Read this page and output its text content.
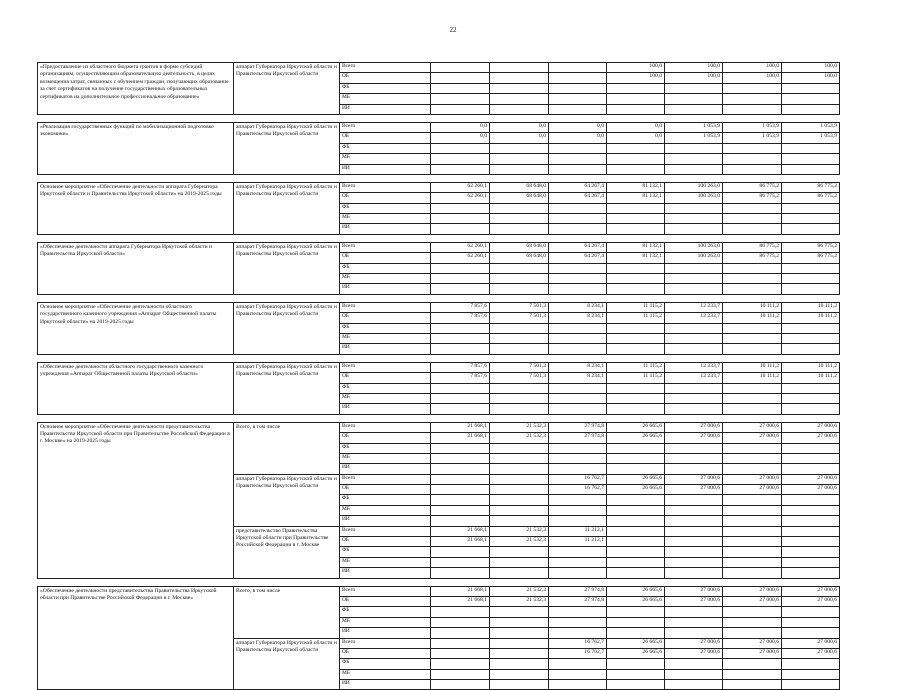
22
«Предоставление из областного бюджета грантов в форме субсидий организациям, осуществляющим образовательную деятельность, в целях возмещения затрат, связанных с обучением граждан, получающих образование за счет сертификатов на получение государственных образовательных сертификатов на дополнительное профессиональное образование»	аппарат Губернатора Иркутской области и Правительства Иркутской области	Всего				100,0	100,0	100,0	100,0
		ОБ				100,0	100,0	100,0	100,0
		ФБ							
		МБ							
		ИИ							

«Реализация государственных функций по мобилизационной подготовке экономики»	аппарат Губернатора Иркутской области и Правительства Иркутской области	Всего	0,0	0,0	0,0	0,0	1 053,9	1 053,9	1 053,9
		ОБ	0,0	0,0	0,0	0,0	1 053,9	1 053,9	1 053,9
		ФБ							
		МБ							
		ИИ							

Основное мероприятие «Обеспечение деятельности аппарата Губернатора Иркутской области и Правительства Иркутской области» на 2019-2025 годы	аппарат Губернатора Иркутской области и Правительства Иркутской области	Всего	62 260,1	68 648,0	64 267,4	81 132,1	100 263,0	86 775,2	86 775,2
		ОБ	62 260,1	68 648,0	64 267,4	81 132,1	100 263,0	86 775,2	86 775,2
		ФБ							
		МБ							
		ИИ							

«Обеспечение деятельности аппарата Губернатора Иркутской области и Правительства Иркутской области»	аппарат Губернатора Иркутской области и Правительства Иркутской области	Всего	62 260,1	68 648,0	64 267,4	81 132,1	100 263,0	86 775,2	86 775,2
		ОБ	62 260,1	68 648,0	64 267,4	81 132,1	100 263,0	86 775,2	86 775,2
		ФБ							
		МБ							
		ИИ							

Основное мероприятие «Обеспечение деятельности областного государственного казенного учреждения «Аппарат Общественной палаты Иркутской области» на 2019-2025 годы	аппарат Губернатора Иркутской области и Правительства Иркутской области	Всего	7 857,6	7 501,3	8 234,1	11 115,2	12 233,7	10 111,2	10 111,2
		ОБ	7 857,6	7 501,3	8 234,1	11 115,2	12 233,7	10 111,2	10 111,2
		ФБ							
		МБ							
		ИИ							

«Обеспечение деятельности областного государственного казенного учреждения «Аппарат Общественной палаты Иркутской области»	аппарат Губернатора Иркутской области и Правительства Иркутской области	Всего	7 857,6	7 501,3	8 234,1	11 115,2	12 233,7	10 111,2	10 111,2
		ОБ	7 857,6	7 501,3	8 234,1	11 115,2	12 233,7	10 111,2	10 111,2
		ФБ							
		МБ							
		ИИ							

Основное мероприятие «Обеспечение деятельности представительства Правительства Иркутской области при Правительстве Российской Федерации в г. Москве» на 2019-2025 годы	Всего, в том числе	Всего	21 668,1	21 532,3	27 974,8	26 665,6	27 000,6	27 000,6	27 000,6
		ОБ	21 668,1	21 532,3	27 974,8	26 665,6	27 000,6	27 000,6	27 000,6
		ФБ							
		МБ							
		ИИ							
	аппарат Губернатора Иркутской области и Правительства Иркутской области	Всего			16 762,7	26 665,6	27 000,6	27 000,6	27 000,6
		ОБ			16 762,7	26 665,6	27 000,6	27 000,6	27 000,6
		ФБ							
		МБ							
		ИИ							
	представительство Правительства Иркутской области при Правительстве Российской Федерации в г. Москве	Всего	21 668,1	21 532,3	11 212,1				
		ОБ	21 668,1	21 532,3	11 212,1				
		ФБ							
		МБ							
		ИИ							

«Обеспечение деятельности представительства Правительства Иркутской области при Правительстве Российской Федерации в г. Москве»	Всего, в том числе	Всего	21 668,1	21 532,3	27 974,8	26 665,6	27 000,6	27 000,6	27 000,6
		ОБ	21 668,1	21 532,3	27 974,8	26 665,6	27 000,6	27 000,6	27 000,6
		ФБ							
		МБ							
		ИИ							
	аппарат Губернатора Иркутской области и Правительства Иркутской области	Всего			16 762,7	26 665,6	27 000,6	27 000,6	27 000,6
		ОБ			16 762,7	26 665,6	27 000,6	27 000,6	27 000,6
		ФБ							
		МБ							
		ИИ							
